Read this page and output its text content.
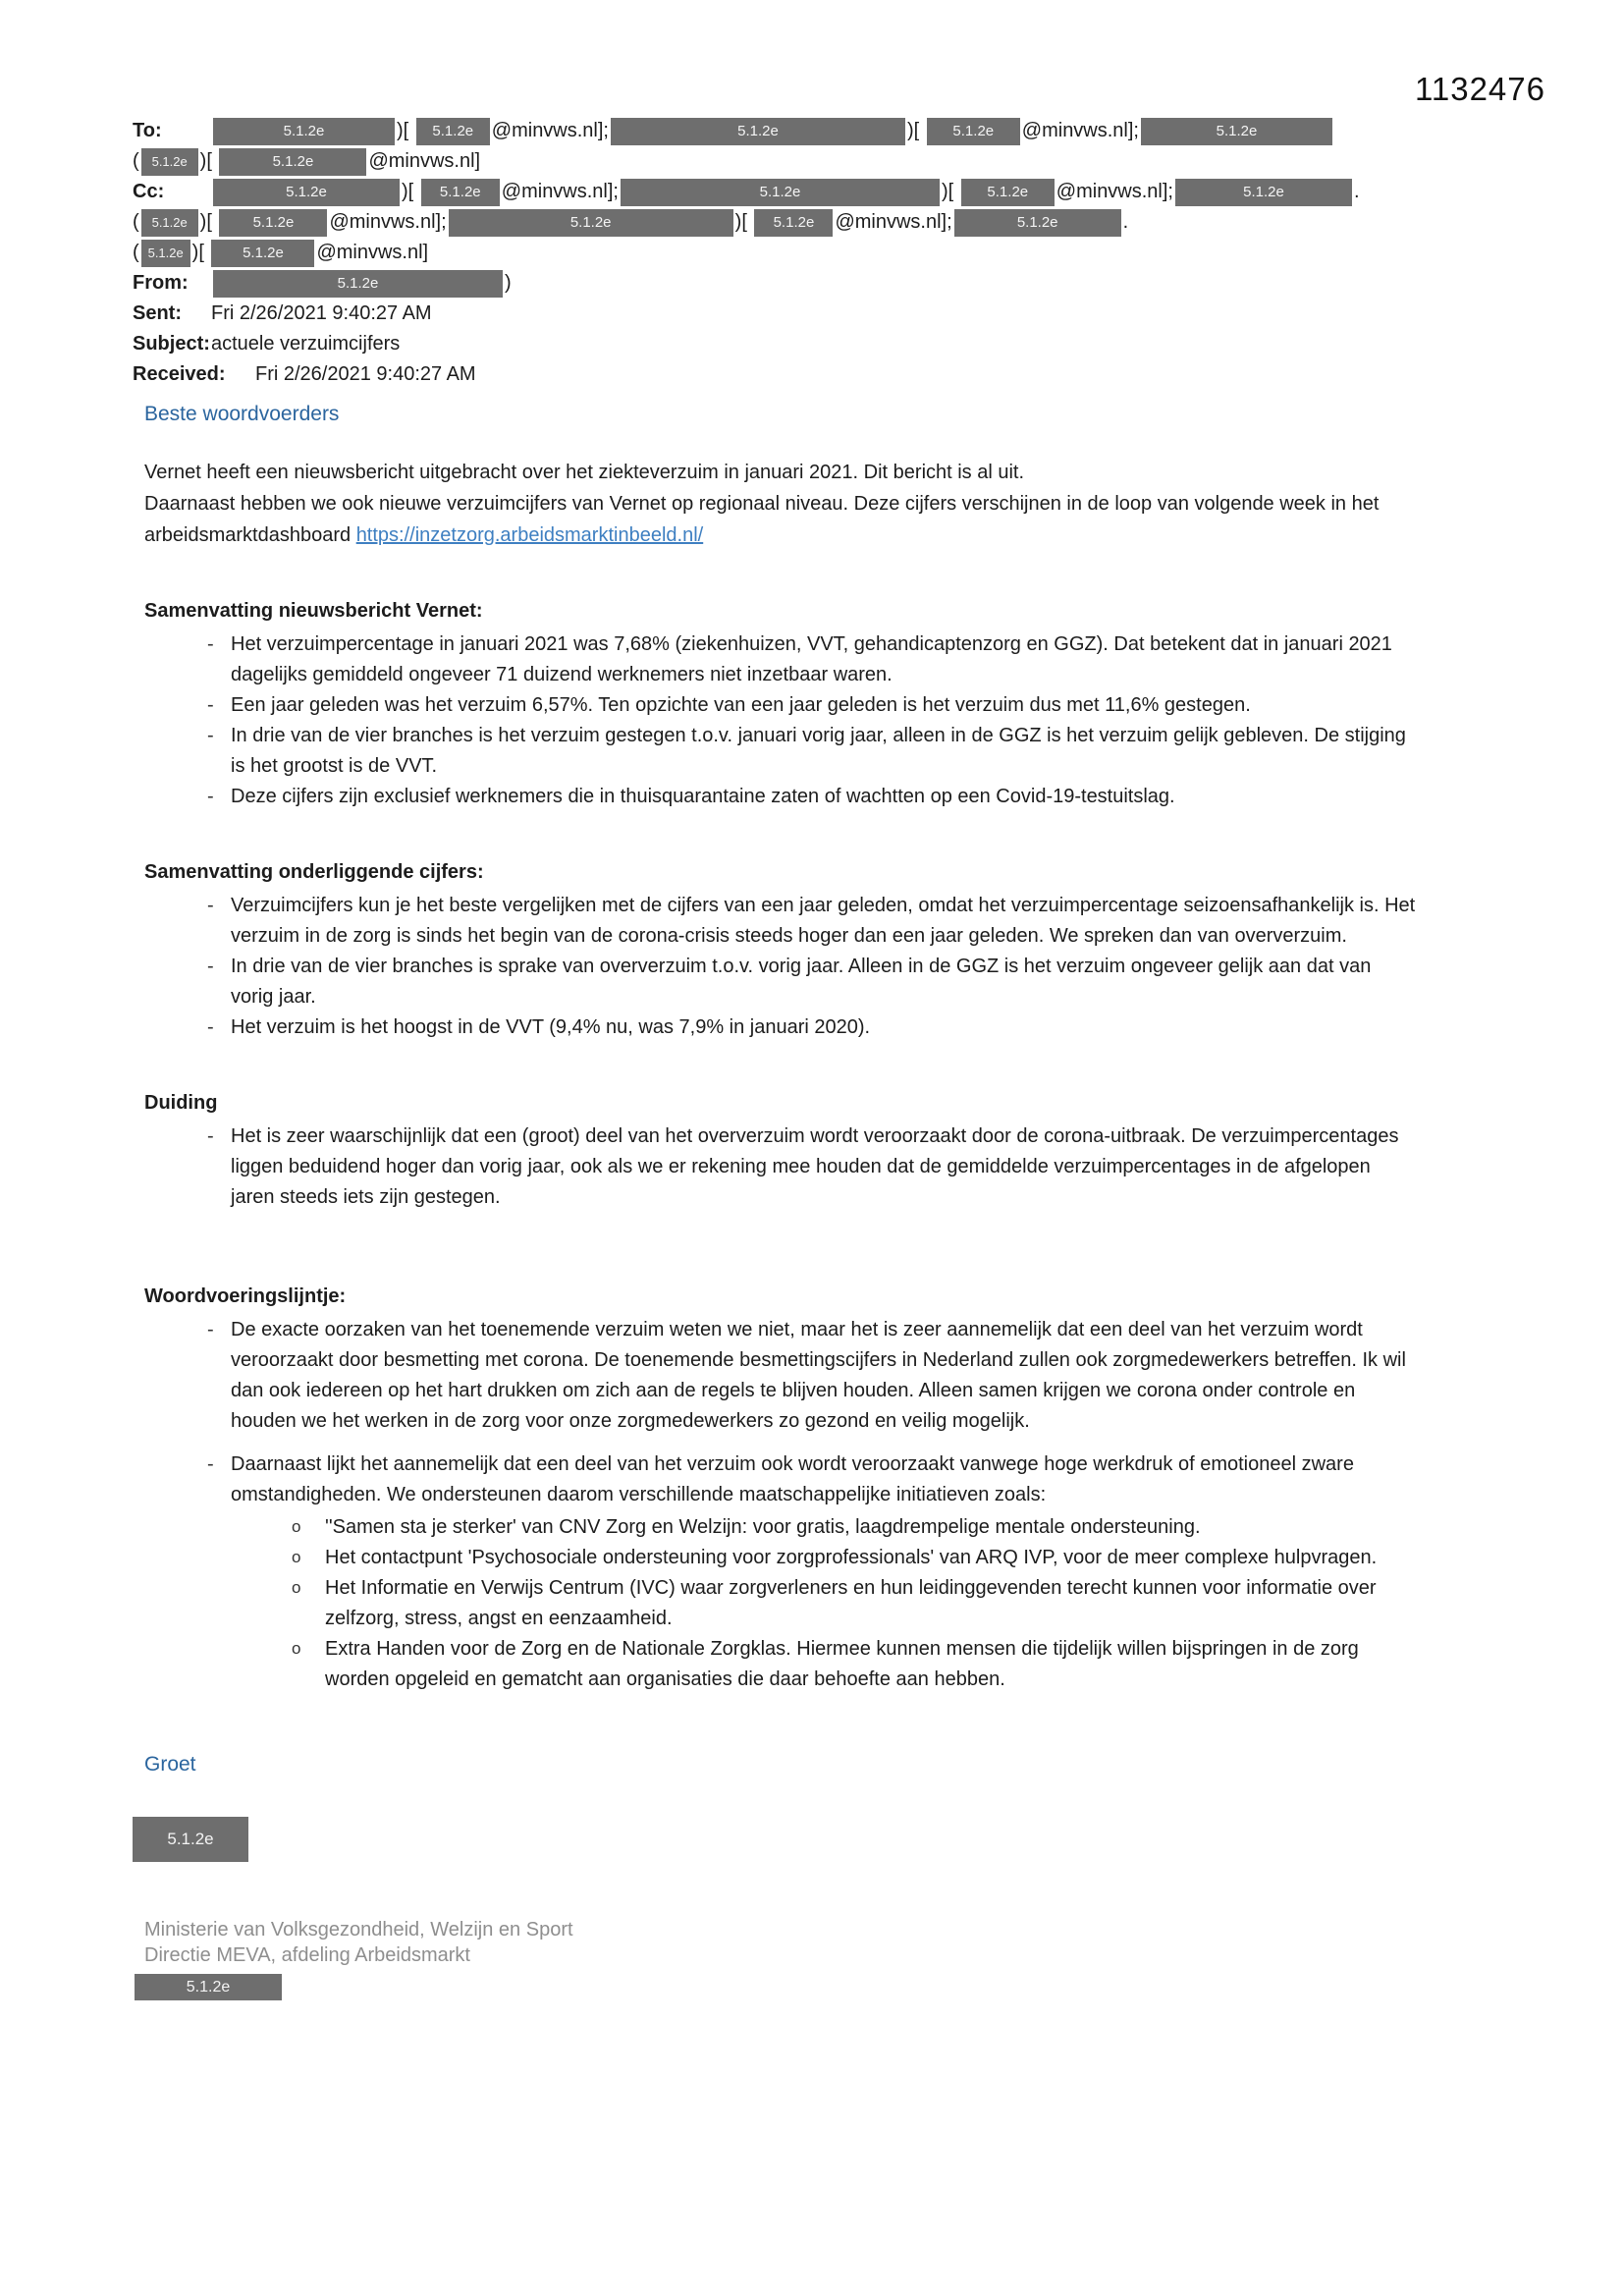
1132476
To:	5.1.2e	)[ 5.1.2e @minvws.nl];	5.1.2e	)[ 5.1.2e @minvws.nl];	5.1.2e
( 5.1.2e )[	5.1.2e	@minvws.nl]
Cc:	5.1.2e	)[ 5.1.2e @minvws.nl];	5.1.2e	)[ 5.1.2e @minvws.nl];	5.1.2e	.
( 5.1.2e )[ 5.1.2e @minvws.nl];	5.1.2e	)[ 5.1.2e @minvws.nl];	5.1.2e	.
( 5.1.2e )[ 5.1.2e @minvws.nl]
From:	5.1.2e	)
Sent: Fri 2/26/2021 9:40:27 AM
Subject:actuele verzuimcijfers
Received: Fri 2/26/2021 9:40:27 AM
Beste woordvoerders

Vernet heeft een nieuwsbericht uitgebracht over het ziekteverzuim in januari 2021. Dit bericht is al uit.
Daarnaast hebben we ook nieuwe verzuimcijfers van Vernet op regionaal niveau. Deze cijfers verschijnen in de loop van volgende week in het arbeidsmarktdashboard https://inzetzorg.arbeidsmarktinbeeld.nl/

Samenvatting nieuwsbericht Vernet:
- Het verzuimpercentage in januari 2021 was 7,68% (ziekenhuizen, VVT, gehandicaptenzorg en GGZ). Dat betekent dat in januari 2021 dagelijks gemiddeld ongeveer 71 duizend werknemers niet inzetbaar waren.
- Een jaar geleden was het verzuim 6,57%. Ten opzichte van een jaar geleden is het verzuim dus met 11,6% gestegen.
- In drie van de vier branches is het verzuim gestegen t.o.v. januari vorig jaar, alleen in de GGZ is het verzuim gelijk gebleven. De stijging is het grootst is de VVT.
- Deze cijfers zijn exclusief werknemers die in thuisquarantaine zaten of wachtten op een Covid-19-testuitslag.
Samenvatting onderliggende cijfers:
- Verzuimcijfers kun je het beste vergelijken met de cijfers van een jaar geleden, omdat het verzuimpercentage seizoensafhankelijk is. Het verzuim in de zorg is sinds het begin van de corona-crisis steeds hoger dan een jaar geleden. We spreken dan van oververzuim.
- In drie van de vier branches is sprake van oververzuim t.o.v. vorig jaar. Alleen in de GGZ is het verzuim ongeveer gelijk aan dat van vorig jaar.
- Het verzuim is het hoogst in de VVT (9,4% nu, was 7,9% in januari 2020).
Duiding
- Het is zeer waarschijnlijk dat een (groot) deel van het oververzuim wordt veroorzaakt door de corona-uitbraak. De verzuimpercentages liggen beduidend hoger dan vorig jaar, ook als we er rekening mee houden dat de gemiddelde verzuimpercentages in de afgelopen jaren steeds iets zijn gestegen.
Woordvoeringslijntje:
- De exacte oorzaken van het toenemende verzuim weten we niet, maar het is zeer aannemelijk dat een deel van het verzuim wordt veroorzaakt door besmetting met corona. De toenemende besmettingscijfers in Nederland zullen ook zorgmedewerkers betreffen. Ik wil dan ook iedereen op het hart drukken om zich aan de regels te blijven houden. Alleen samen krijgen we corona onder controle en houden we het werken in de zorg voor onze zorgmedewerkers zo gezond en veilig mogelijk.
- Daarnaast lijkt het aannemelijk dat een deel van het verzuim ook wordt veroorzaakt vanwege hoge werkdruk of emotioneel zware omstandigheden. We ondersteunen daarom verschillende maatschappelijke initiatieven zoals:
o ''Samen sta je sterker' van CNV Zorg en Welzijn: voor gratis, laagdrempelige mentale ondersteuning.
o Het contactpunt 'Psychosociale ondersteuning voor zorgprofessionals' van ARQ IVP, voor de meer complexe hulpvragen.
o Het Informatie en Verwijs Centrum (IVC) waar zorgverleners en hun leidinggevenden terecht kunnen voor informatie over zelfzorg, stress, angst en eenzaamheid.
o Extra Handen voor de Zorg en de Nationale Zorgklas. Hiermee kunnen mensen die tijdelijk willen bijspringen in de zorg worden opgeleid en gematcht aan organisaties die daar behoefte aan hebben.
Groet
5.1.2e
Ministerie van Volksgezondheid, Welzijn en Sport
Directie MEVA, afdeling Arbeidsmarkt
5.1.2e
